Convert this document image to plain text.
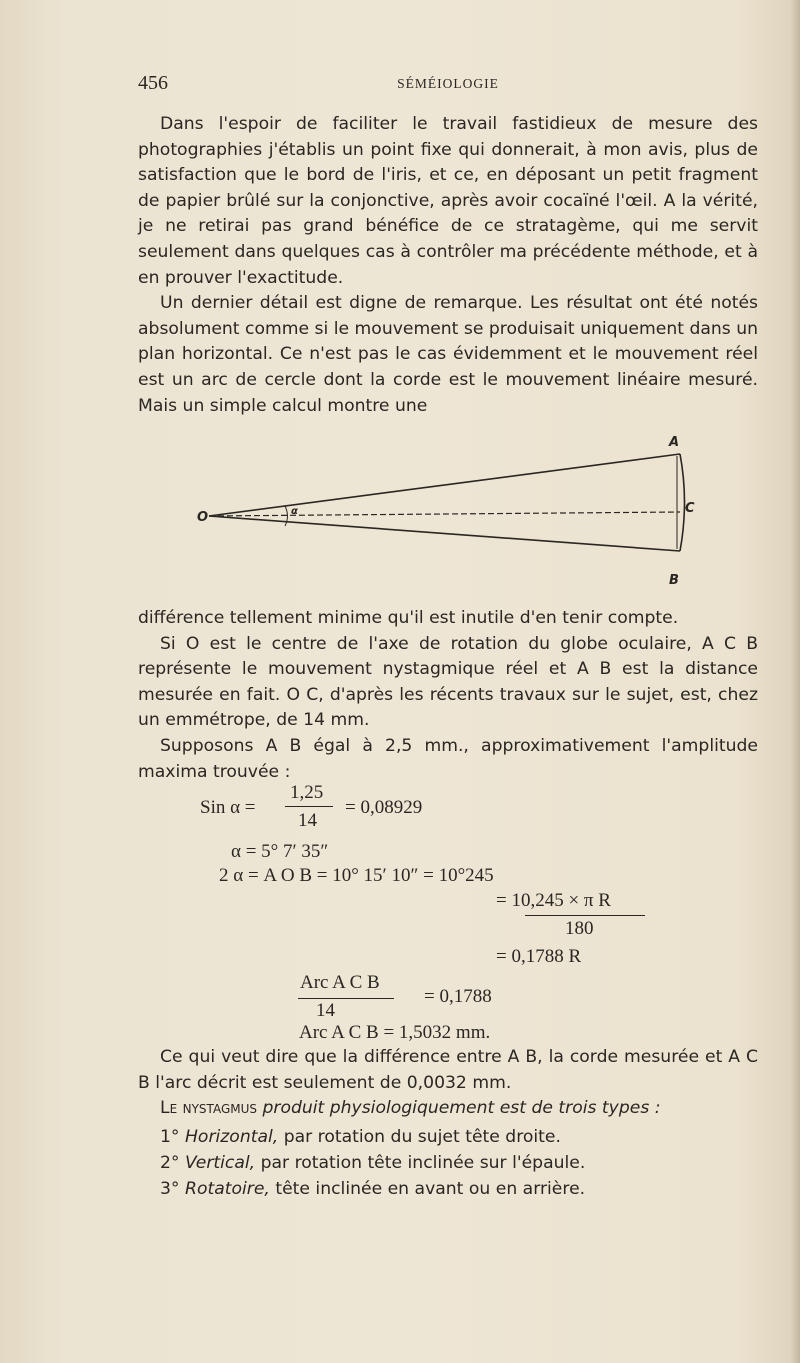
456	SÉMÉIOLOGIE

Dans l'espoir de faciliter le travail fastidieux de mesure des photographies j'établis un point fixe qui donnerait, à mon avis, plus de satisfaction que le bord de l'iris, et ce, en déposant un petit fragment de papier brûlé sur la conjonctive, après avoir cocaïné l'œil. A la vérité, je ne retirai pas grand bénéfice de ce stratagème, qui me servit seulement dans quelques cas à contrôler ma précédente méthode, et à en prouver l'exactitude.

Un dernier détail est digne de remarque. Les résultat ont été notés absolument comme si le mouvement se produisait uniquement dans un plan horizontal. Ce n'est pas le cas évidemment et le mouvement réel est un arc de cercle dont la corde est le mouvement linéaire mesuré. Mais un simple calcul montre une

O
A
C
B
α

différence tellement minime qu'il est inutile d'en tenir compte.

Si O est le centre de l'axe de rotation du globe oculaire, A C B représente le mouvement nystagmique réel et A B est la distance mesurée en fait. O C, d'après les récents travaux sur le sujet, est, chez un emmétrope, de 14 mm.

Supposons A B égal à 2,5 mm., approximativement l'amplitude maxima trouvée :

Sin α =
1,25
14
= 0,08929
α = 5° 7′ 35″
2 α = A O B = 10° 15′ 10″ = 10°245
= 10,245 × π R
180
= 0,1788 R
Arc A C B
14
= 0,1788
Arc A C B = 1,5032 mm.

Ce qui veut dire que la différence entre A B, la corde mesurée et A C B l'arc décrit est seulement de 0,0032 mm.

Le nystagmus produit physiologiquement est de trois types :

1° Horizontal, par rotation du sujet tête droite.
2° Vertical, par rotation tête inclinée sur l'épaule.
3° Rotatoire, tête inclinée en avant ou en arrière.
